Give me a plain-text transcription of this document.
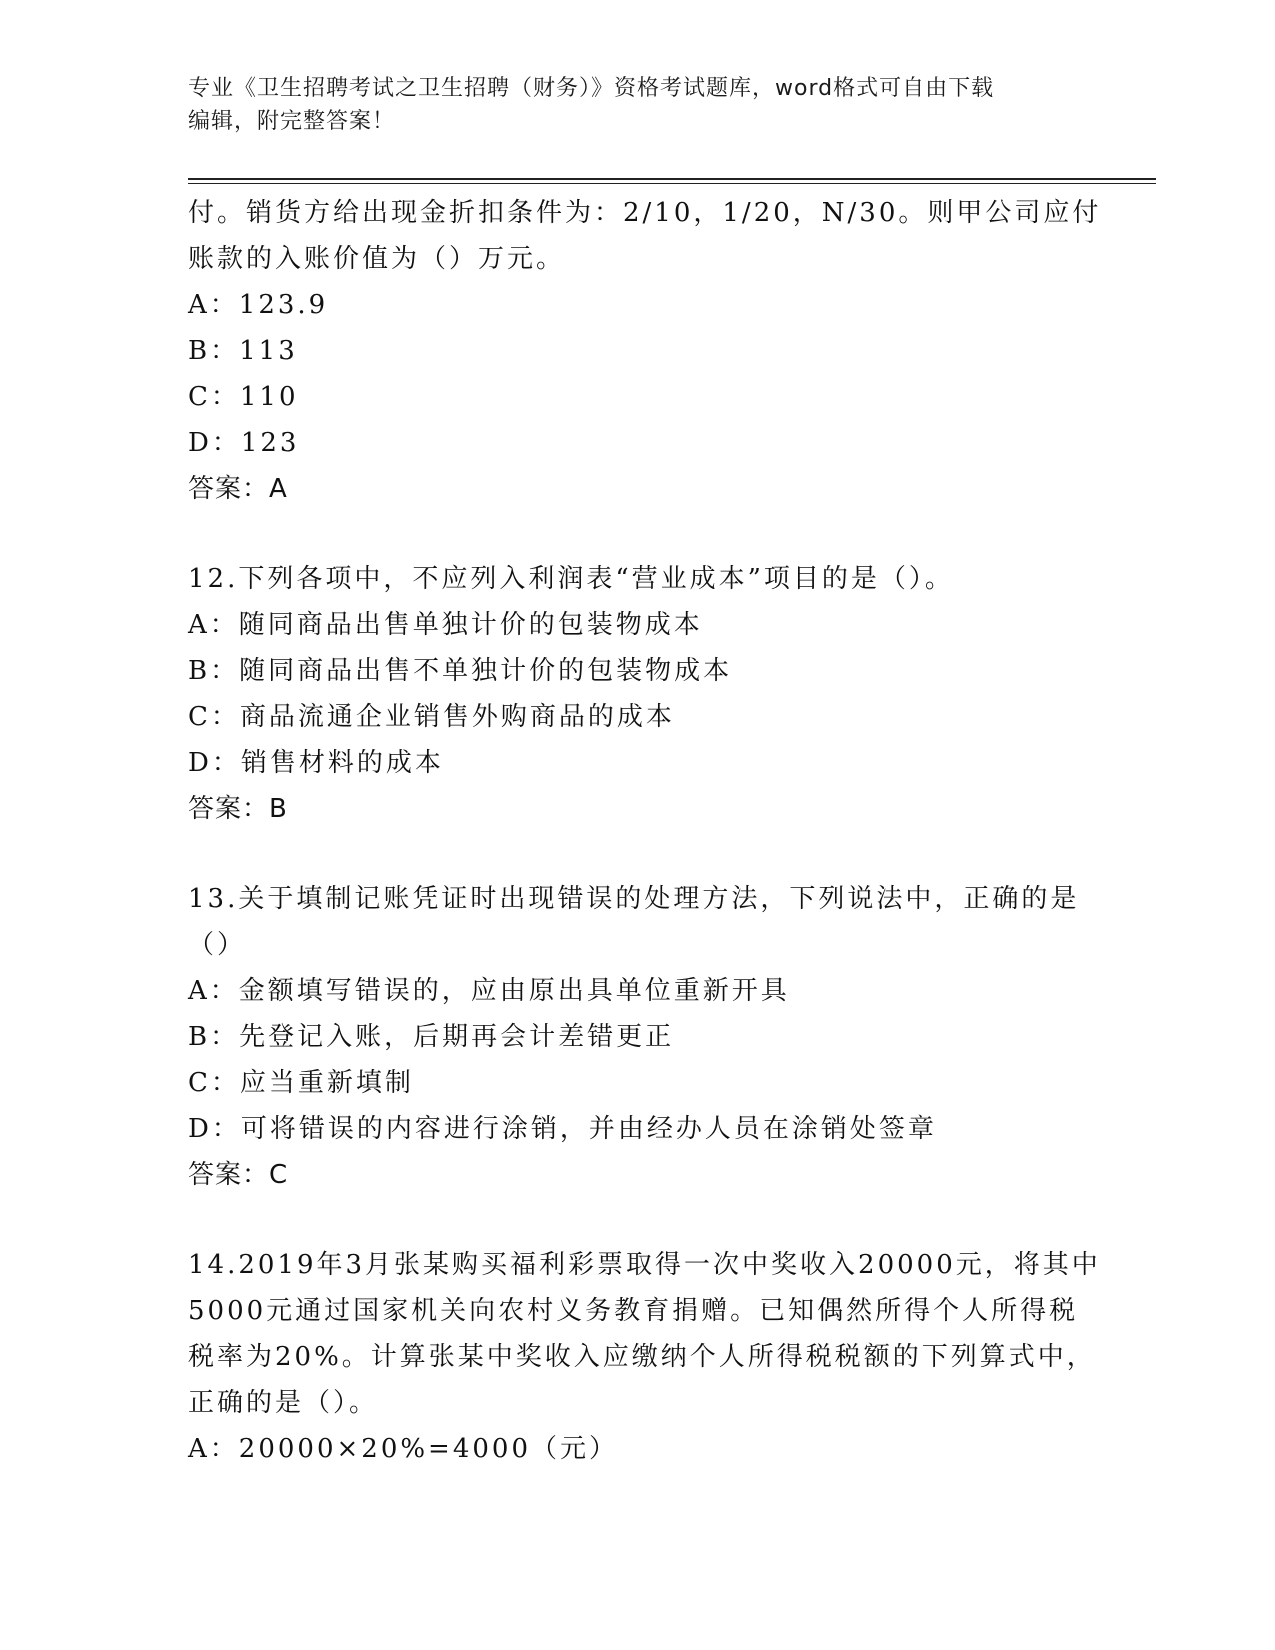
专业《卫生招聘考试之卫生招聘（财务）》资格考试题库，word格式可自由下载
编辑，附完整答案！
付。销货方给出现金折扣条件为：2/10，1/20，N/30。则甲公司应付
账款的入账价值为（）万元。
A：123.9
B：113
C：110
D：123
答案：A
12.下列各项中，不应列入利润表“营业成本”项目的是（）。
A：随同商品出售单独计价的包装物成本
B：随同商品出售不单独计价的包装物成本
C：商品流通企业销售外购商品的成本
D：销售材料的成本
答案：B
13.关于填制记账凭证时出现错误的处理方法，下列说法中，正确的是
（）
A：金额填写错误的，应由原出具单位重新开具
B：先登记入账，后期再会计差错更正
C：应当重新填制
D：可将错误的内容进行涂销，并由经办人员在涂销处签章
答案：C
14.2019年3月张某购买福利彩票取得一次中奖收入20000元，将其中
5000元通过国家机关向农村义务教育捐赠。已知偶然所得个人所得税
税率为20%。计算张某中奖收入应缴纳个人所得税税额的下列算式中，
正确的是（）。
A：20000×20%=4000（元）
